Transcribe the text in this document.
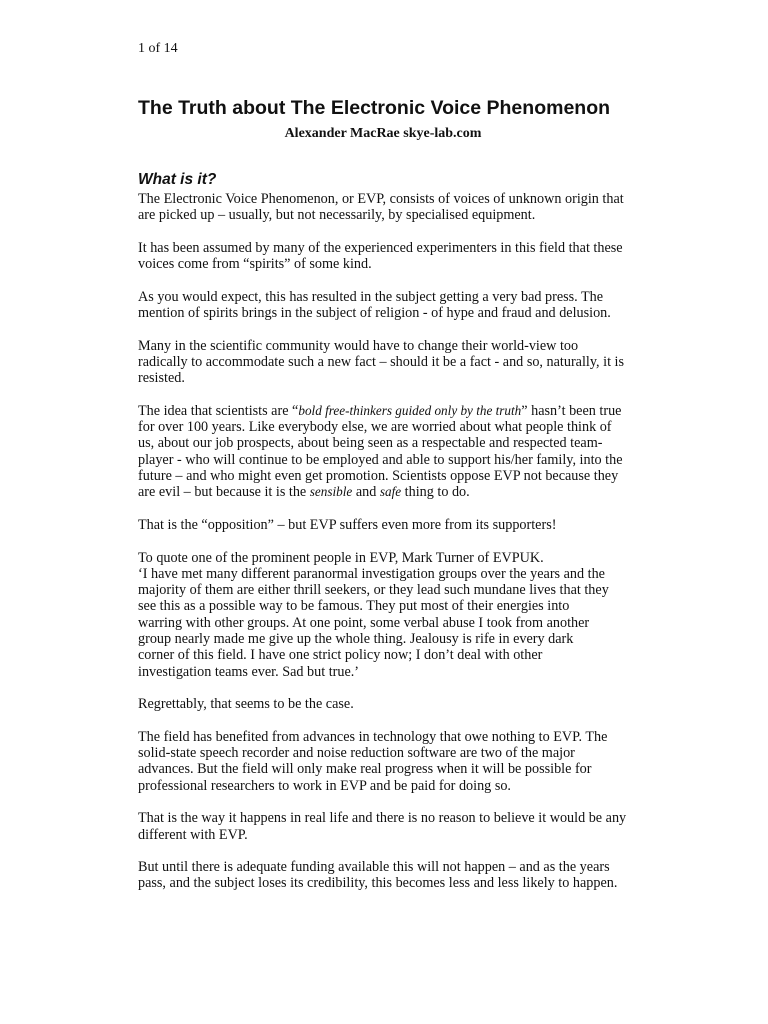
1 of 14

The Truth about The Electronic Voice Phenomenon

Alexander MacRae skye-lab.com

What is it?

The Electronic Voice Phenomenon, or EVP, consists of voices of unknown origin that are picked up – usually, but not necessarily, by specialised equipment.

It has been assumed by many of the experienced experimenters in this field that these voices come from “spirits” of some kind.

As you would expect, this has resulted in the subject getting a very bad press. The mention of spirits brings in the subject of religion - of hype and fraud and delusion.

Many in the scientific community would have to change their world-view too radically to accommodate such a new fact – should it be a fact - and so, naturally, it is resisted.

The idea that scientists are “bold free-thinkers guided only by the truth” hasn’t been true for over 100 years. Like everybody else, we are worried about what people think of us, about our job prospects, about being seen as a respectable and respected team-player - who will continue to be employed and able to support his/her family, into the future – and who might even get promotion. Scientists oppose EVP not because they are evil – but because it is the sensible and safe thing to do.

That is the “opposition” – but EVP suffers even more from its supporters!

To quote one of the prominent people in EVP, Mark Turner of EVPUK.

‘I have met many different paranormal investigation groups over the years and the majority of them are either thrill seekers, or they lead such mundane lives that they see this as a possible way to be famous. They put most of their energies into warring with other groups. At one point, some verbal abuse I took from another group nearly made me give up the whole thing. Jealousy is rife in every dark corner of this field. I have one strict policy now; I don’t deal with other investigation teams ever. Sad but true.’

Regrettably, that seems to be the case.

The field has benefited from advances in technology that owe nothing to EVP. The solid-state speech recorder and noise reduction software are two of the major advances. But the field will only make real progress when it will be possible for professional researchers to work in EVP and be paid for doing so.

That is the way it happens in real life and there is no reason to believe it would be any different with EVP.

But until there is adequate funding available this will not happen – and as the years pass, and the subject loses its credibility, this becomes less and less likely to happen.
